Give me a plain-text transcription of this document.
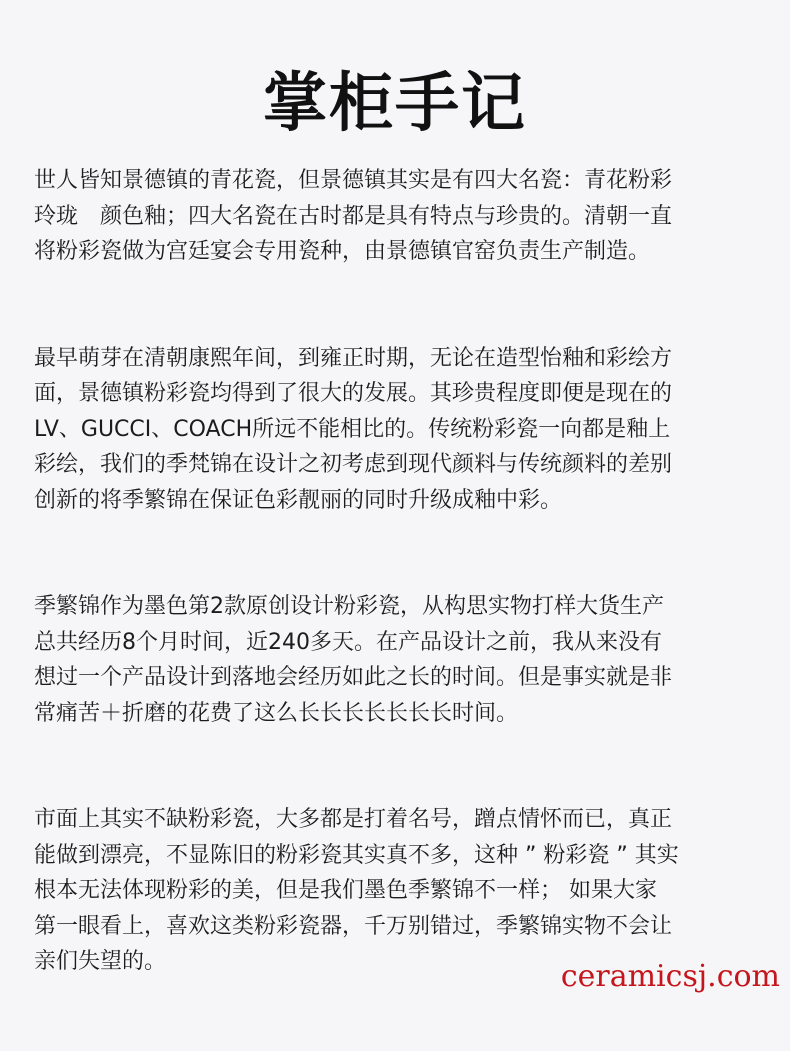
掌柜手记

世人皆知景德镇的青花瓷，但景德镇其实是有四大名瓷：青花粉彩
玲珑　颜色釉；四大名瓷在古时都是具有特点与珍贵的。清朝一直
将粉彩瓷做为宫廷宴会专用瓷种，由景德镇官窑负责生产制造。

最早萌芽在清朝康熙年间，到雍正时期，无论在造型怡釉和彩绘方
面，景德镇粉彩瓷均得到了很大的发展。其珍贵程度即便是现在的
LV、GUCCI、COACH所远不能相比的。传统粉彩瓷一向都是釉上
彩绘，我们的季梵锦在设计之初考虑到现代颜料与传统颜料的差别
创新的将季繁锦在保证色彩靓丽的同时升级成釉中彩。

季繁锦作为墨色第2款原创设计粉彩瓷，从构思实物打样大货生产
总共经历8个月时间，近240多天。在产品设计之前，我从来没有
想过一个产品设计到落地会经历如此之长的时间。但是事实就是非
常痛苦＋折磨的花费了这么长长长长长长长时间。

市面上其实不缺粉彩瓷，大多都是打着名号，蹭点情怀而已，真正
能做到漂亮，不显陈旧的粉彩瓷其实真不多，这种 ” 粉彩瓷 ” 其实
根本无法体现粉彩的美，但是我们墨色季繁锦不一样； 如果大家
第一眼看上，喜欢这类粉彩瓷器，千万别错过，季繁锦实物不会让
亲们失望的。	ceramicsj.com
